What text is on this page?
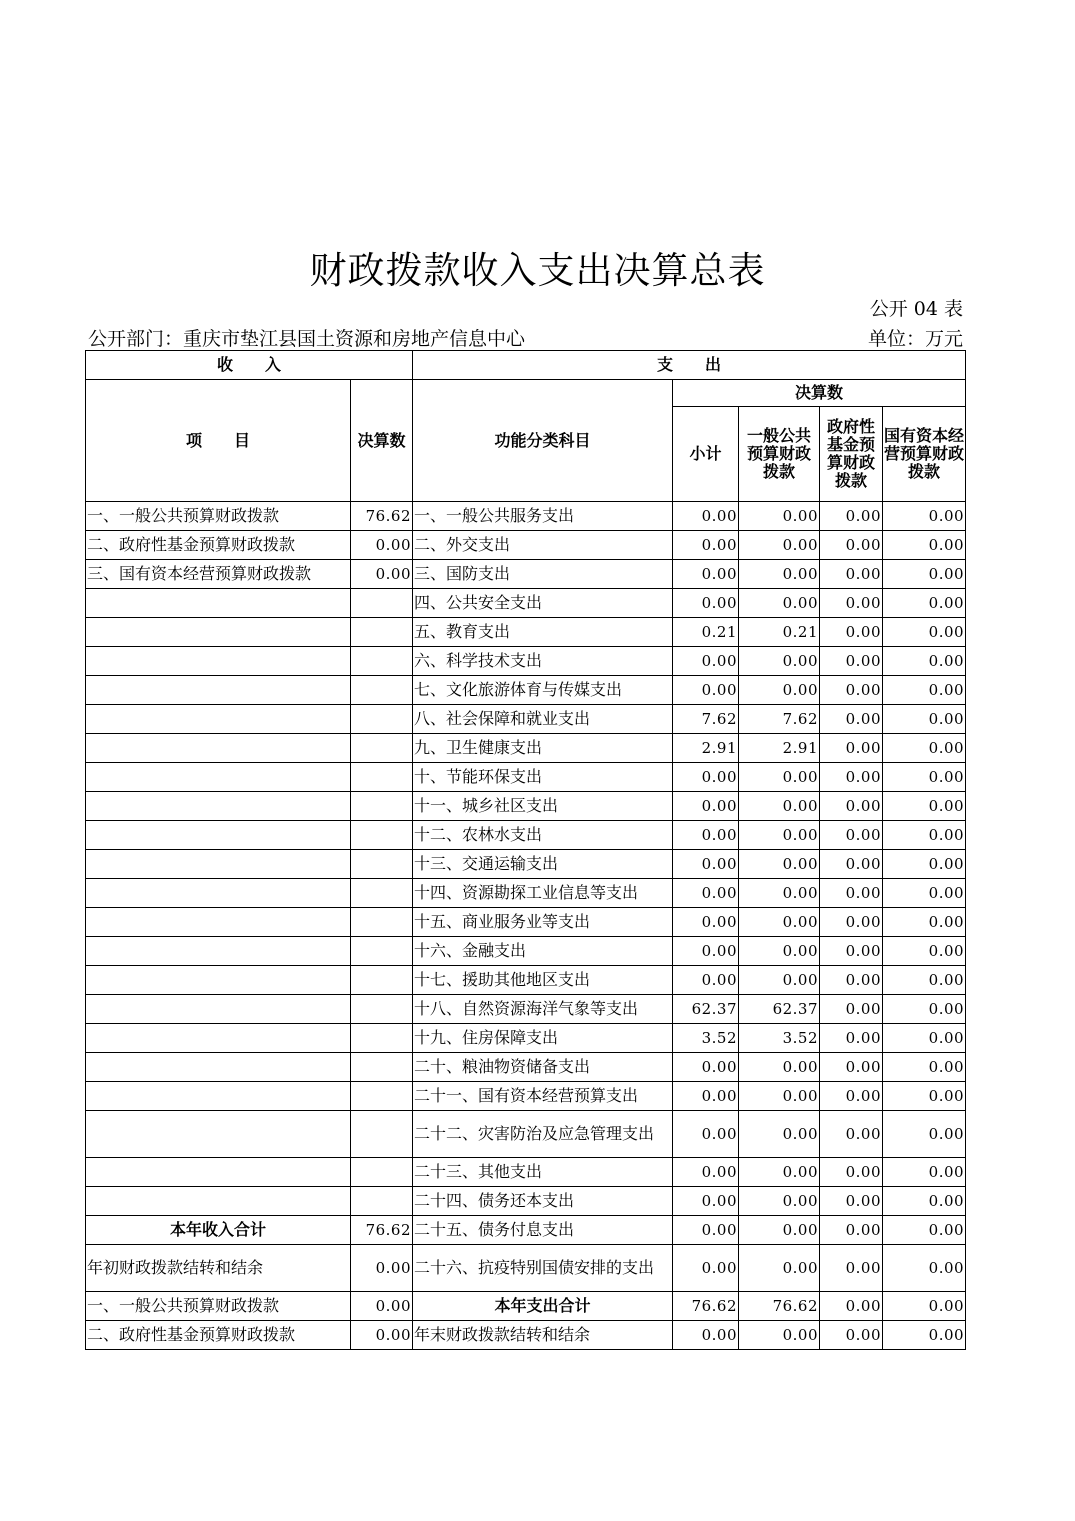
财政拨款收入支出决算总表
公开 04 表
公开部门：重庆市垫江县国土资源和房地产信息中心	单位：万元
收　　入		支　　出				
项　　目	决算数	功能分类科目	决算数			
			小计	一般公共预算财政拨款	政府性基金预算财政拨款	国有资本经营预算财政拨款
一、一般公共预算财政拨款	76.62	一、一般公共服务支出	0.00	0.00	0.00	0.00
二、政府性基金预算财政拨款	0.00	二、外交支出	0.00	0.00	0.00	0.00
三、国有资本经营预算财政拨款	0.00	三、国防支出	0.00	0.00	0.00	0.00
		四、公共安全支出	0.00	0.00	0.00	0.00
		五、教育支出	0.21	0.21	0.00	0.00
		六、科学技术支出	0.00	0.00	0.00	0.00
		七、文化旅游体育与传媒支出	0.00	0.00	0.00	0.00
		八、社会保障和就业支出	7.62	7.62	0.00	0.00
		九、卫生健康支出	2.91	2.91	0.00	0.00
		十、节能环保支出	0.00	0.00	0.00	0.00
		十一、城乡社区支出	0.00	0.00	0.00	0.00
		十二、农林水支出	0.00	0.00	0.00	0.00
		十三、交通运输支出	0.00	0.00	0.00	0.00
		十四、资源勘探工业信息等支出	0.00	0.00	0.00	0.00
		十五、商业服务业等支出	0.00	0.00	0.00	0.00
		十六、金融支出	0.00	0.00	0.00	0.00
		十七、援助其他地区支出	0.00	0.00	0.00	0.00
		十八、自然资源海洋气象等支出	62.37	62.37	0.00	0.00
		十九、住房保障支出	3.52	3.52	0.00	0.00
		二十、粮油物资储备支出	0.00	0.00	0.00	0.00
		二十一、国有资本经营预算支出	0.00	0.00	0.00	0.00
		二十二、灾害防治及应急管理支出	0.00	0.00	0.00	0.00
		二十三、其他支出	0.00	0.00	0.00	0.00
		二十四、债务还本支出	0.00	0.00	0.00	0.00
本年收入合计	76.62	二十五、债务付息支出	0.00	0.00	0.00	0.00
年初财政拨款结转和结余	0.00	二十六、抗疫特别国债安排的支出	0.00	0.00	0.00	0.00
一、一般公共预算财政拨款	0.00	本年支出合计	76.62	76.62	0.00	0.00
二、政府性基金预算财政拨款	0.00	年末财政拨款结转和结余	0.00	0.00	0.00	0.00
